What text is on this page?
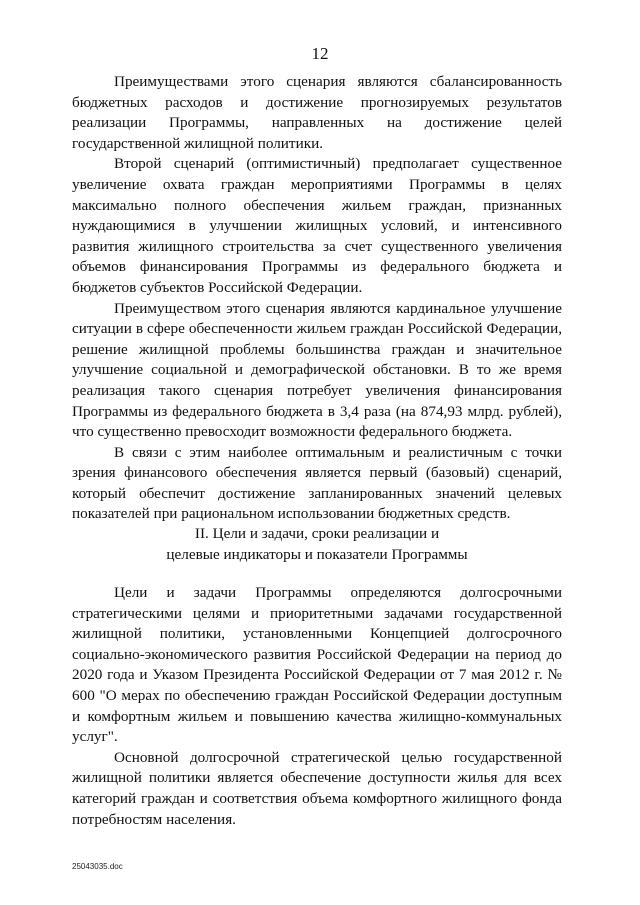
12

Преимуществами этого сценария являются сбалансированность бюджетных расходов и достижение прогнозируемых результатов реализации Программы, направленных на достижение целей государственной жилищной политики.

Второй сценарий (оптимистичный) предполагает существенное увеличение охвата граждан мероприятиями Программы в целях максимально полного обеспечения жильем граждан, признанных нуждающимися в улучшении жилищных условий, и интенсивного развития жилищного строительства за счет существенного увеличения объемов финансирования Программы из федерального бюджета и бюджетов субъектов Российской Федерации.

Преимуществом этого сценария являются кардинальное улучшение ситуации в сфере обеспеченности жильем граждан Российской Федерации, решение жилищной проблемы большинства граждан и значительное улучшение социальной и демографической обстановки. В то же время реализация такого сценария потребует увеличения финансирования Программы из федерального бюджета в 3,4 раза (на 874,93 млрд. рублей), что существенно превосходит возможности федерального бюджета.

В связи с этим наиболее оптимальным и реалистичным с точки зрения финансового обеспечения является первый (базовый) сценарий, который обеспечит достижение запланированных значений целевых показателей при рациональном использовании бюджетных средств.

II. Цели и задачи, сроки реализации и
целевые индикаторы и показатели Программы

Цели и задачи Программы определяются долгосрочными стратегическими целями и приоритетными задачами государственной жилищной политики, установленными Концепцией долгосрочного социально-экономического развития Российской Федерации на период до 2020 года и Указом Президента Российской Федерации от 7 мая 2012 г. № 600 "О мерах по обеспечению граждан Российской Федерации доступным и комфортным жильем и повышению качества жилищно-коммунальных услуг".

Основной долгосрочной стратегической целью государственной жилищной политики является обеспечение доступности жилья для всех категорий граждан и соответствия объема комфортного жилищного фонда потребностям населения.

25043035.doc
